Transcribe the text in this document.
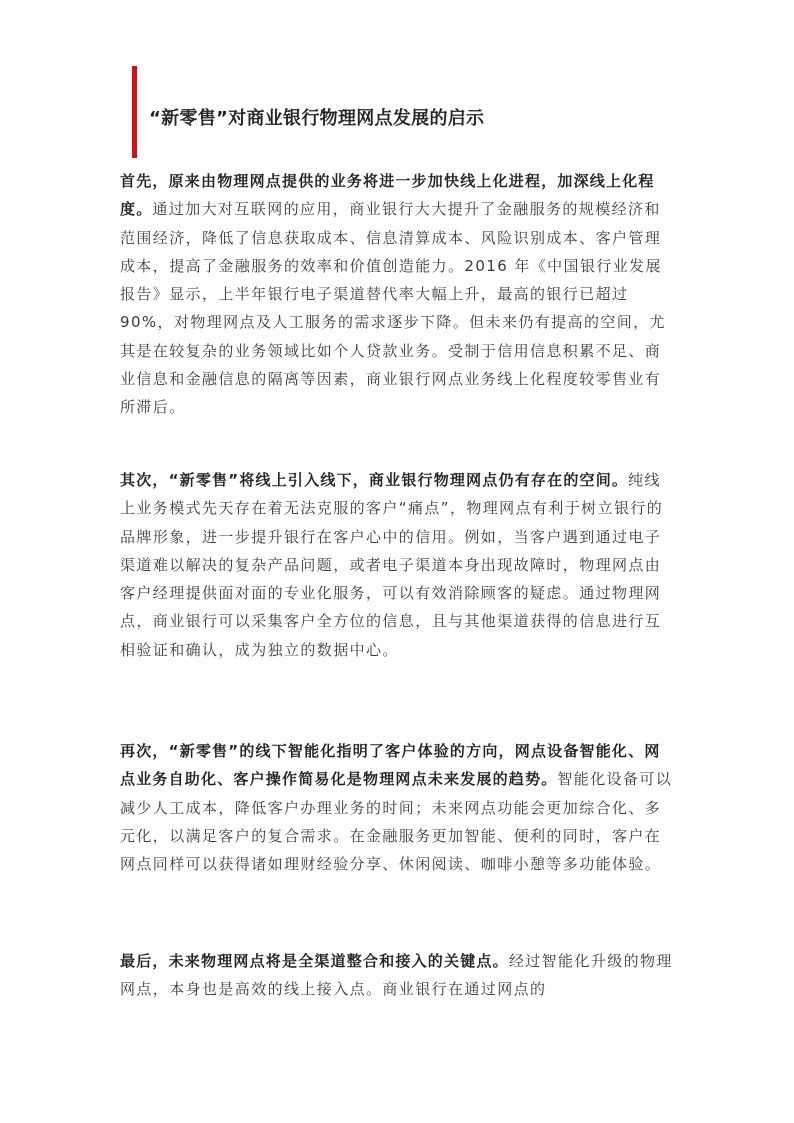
“新零售”对商业银行物理网点发展的启示

首先，原来由物理网点提供的业务将进一步加快线上化进程，加深线上化程度。通过加大对互联网的应用，商业银行大大提升了金融服务的规模经济和范围经济，降低了信息获取成本、信息清算成本、风险识别成本、客户管理成本，提高了金融服务的效率和价值创造能力。2016 年《中国银行业发展报告》显示，上半年银行电子渠道替代率大幅上升，最高的银行已超过 90%，对物理网点及人工服务的需求逐步下降。但未来仍有提高的空间，尤其是在较复杂的业务领域比如个人贷款业务。受制于信用信息积累不足、商业信息和金融信息的隔离等因素，商业银行网点业务线上化程度较零售业有所滞后。

其次，“新零售”将线上引入线下，商业银行物理网点仍有存在的空间。纯线上业务模式先天存在着无法克服的客户“痛点”，物理网点有利于树立银行的品牌形象，进一步提升银行在客户心中的信用。例如，当客户遇到通过电子渠道难以解决的复杂产品问题，或者电子渠道本身出现故障时，物理网点由客户经理提供面对面的专业化服务，可以有效消除顾客的疑虑。通过物理网点，商业银行可以采集客户全方位的信息，且与其他渠道获得的信息进行互相验证和确认，成为独立的数据中心。

再次，“新零售”的线下智能化指明了客户体验的方向，网点设备智能化、网点业务自助化、客户操作简易化是物理网点未来发展的趋势。智能化设备可以减少人工成本，降低客户办理业务的时间；未来网点功能会更加综合化、多元化，以满足客户的复合需求。在金融服务更加智能、便利的同时，客户在网点同样可以获得诸如理财经验分享、休闲阅读、咖啡小憩等多功能体验。

最后，未来物理网点将是全渠道整合和接入的关键点。经过智能化升级的物理网点，本身也是高效的线上接入点。商业银行在通过网点的
